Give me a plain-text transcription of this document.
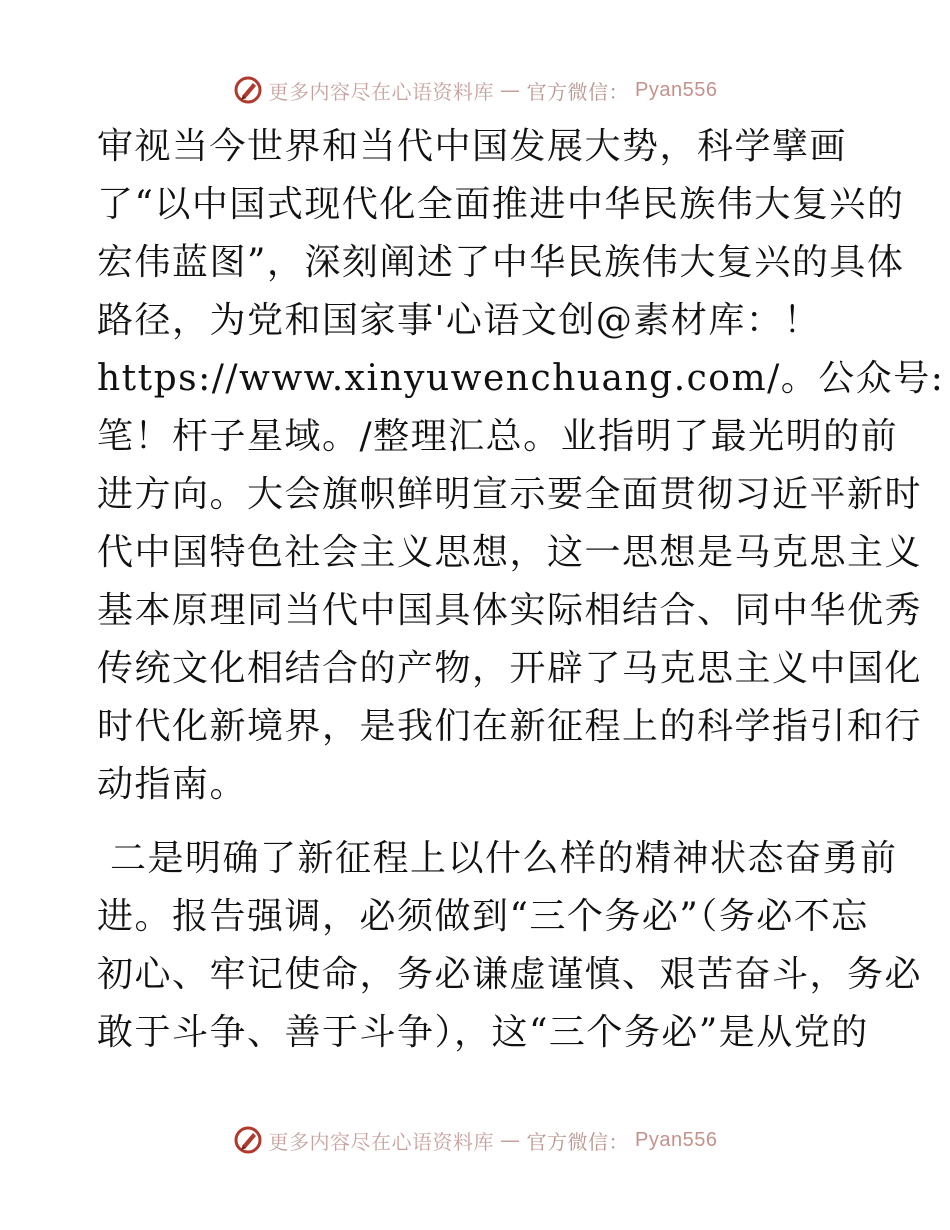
更多内容尽在心语资料库 — 官方微信： Pyan556
审视当今世界和当代中国发展大势，科学擘画
了“以中国式现代化全面推进中华民族伟大复兴的
宏伟蓝图”，深刻阐述了中华民族伟大复兴的具体
路径，为党和国家事'心语文创@素材库：！
https://www.xinyuwenchuang.com/。公众号:
笔！杆子星域。/整理汇总。业指明了最光明的前
进方向。大会旗帜鲜明宣示要全面贯彻习近平新时
代中国特色社会主义思想，这一思想是马克思主义
基本原理同当代中国具体实际相结合、同中华优秀
传统文化相结合的产物，开辟了马克思主义中国化
时代化新境界，是我们在新征程上的科学指引和行
动指南。
二是明确了新征程上以什么样的精神状态奋勇前
进。报告强调，必须做到“三个务必”（务必不忘
初心、牢记使命，务必谦虚谨慎、艰苦奋斗，务必
敢于斗争、善于斗争），这“三个务必”是从党的
更多内容尽在心语资料库 — 官方微信： Pyan556
